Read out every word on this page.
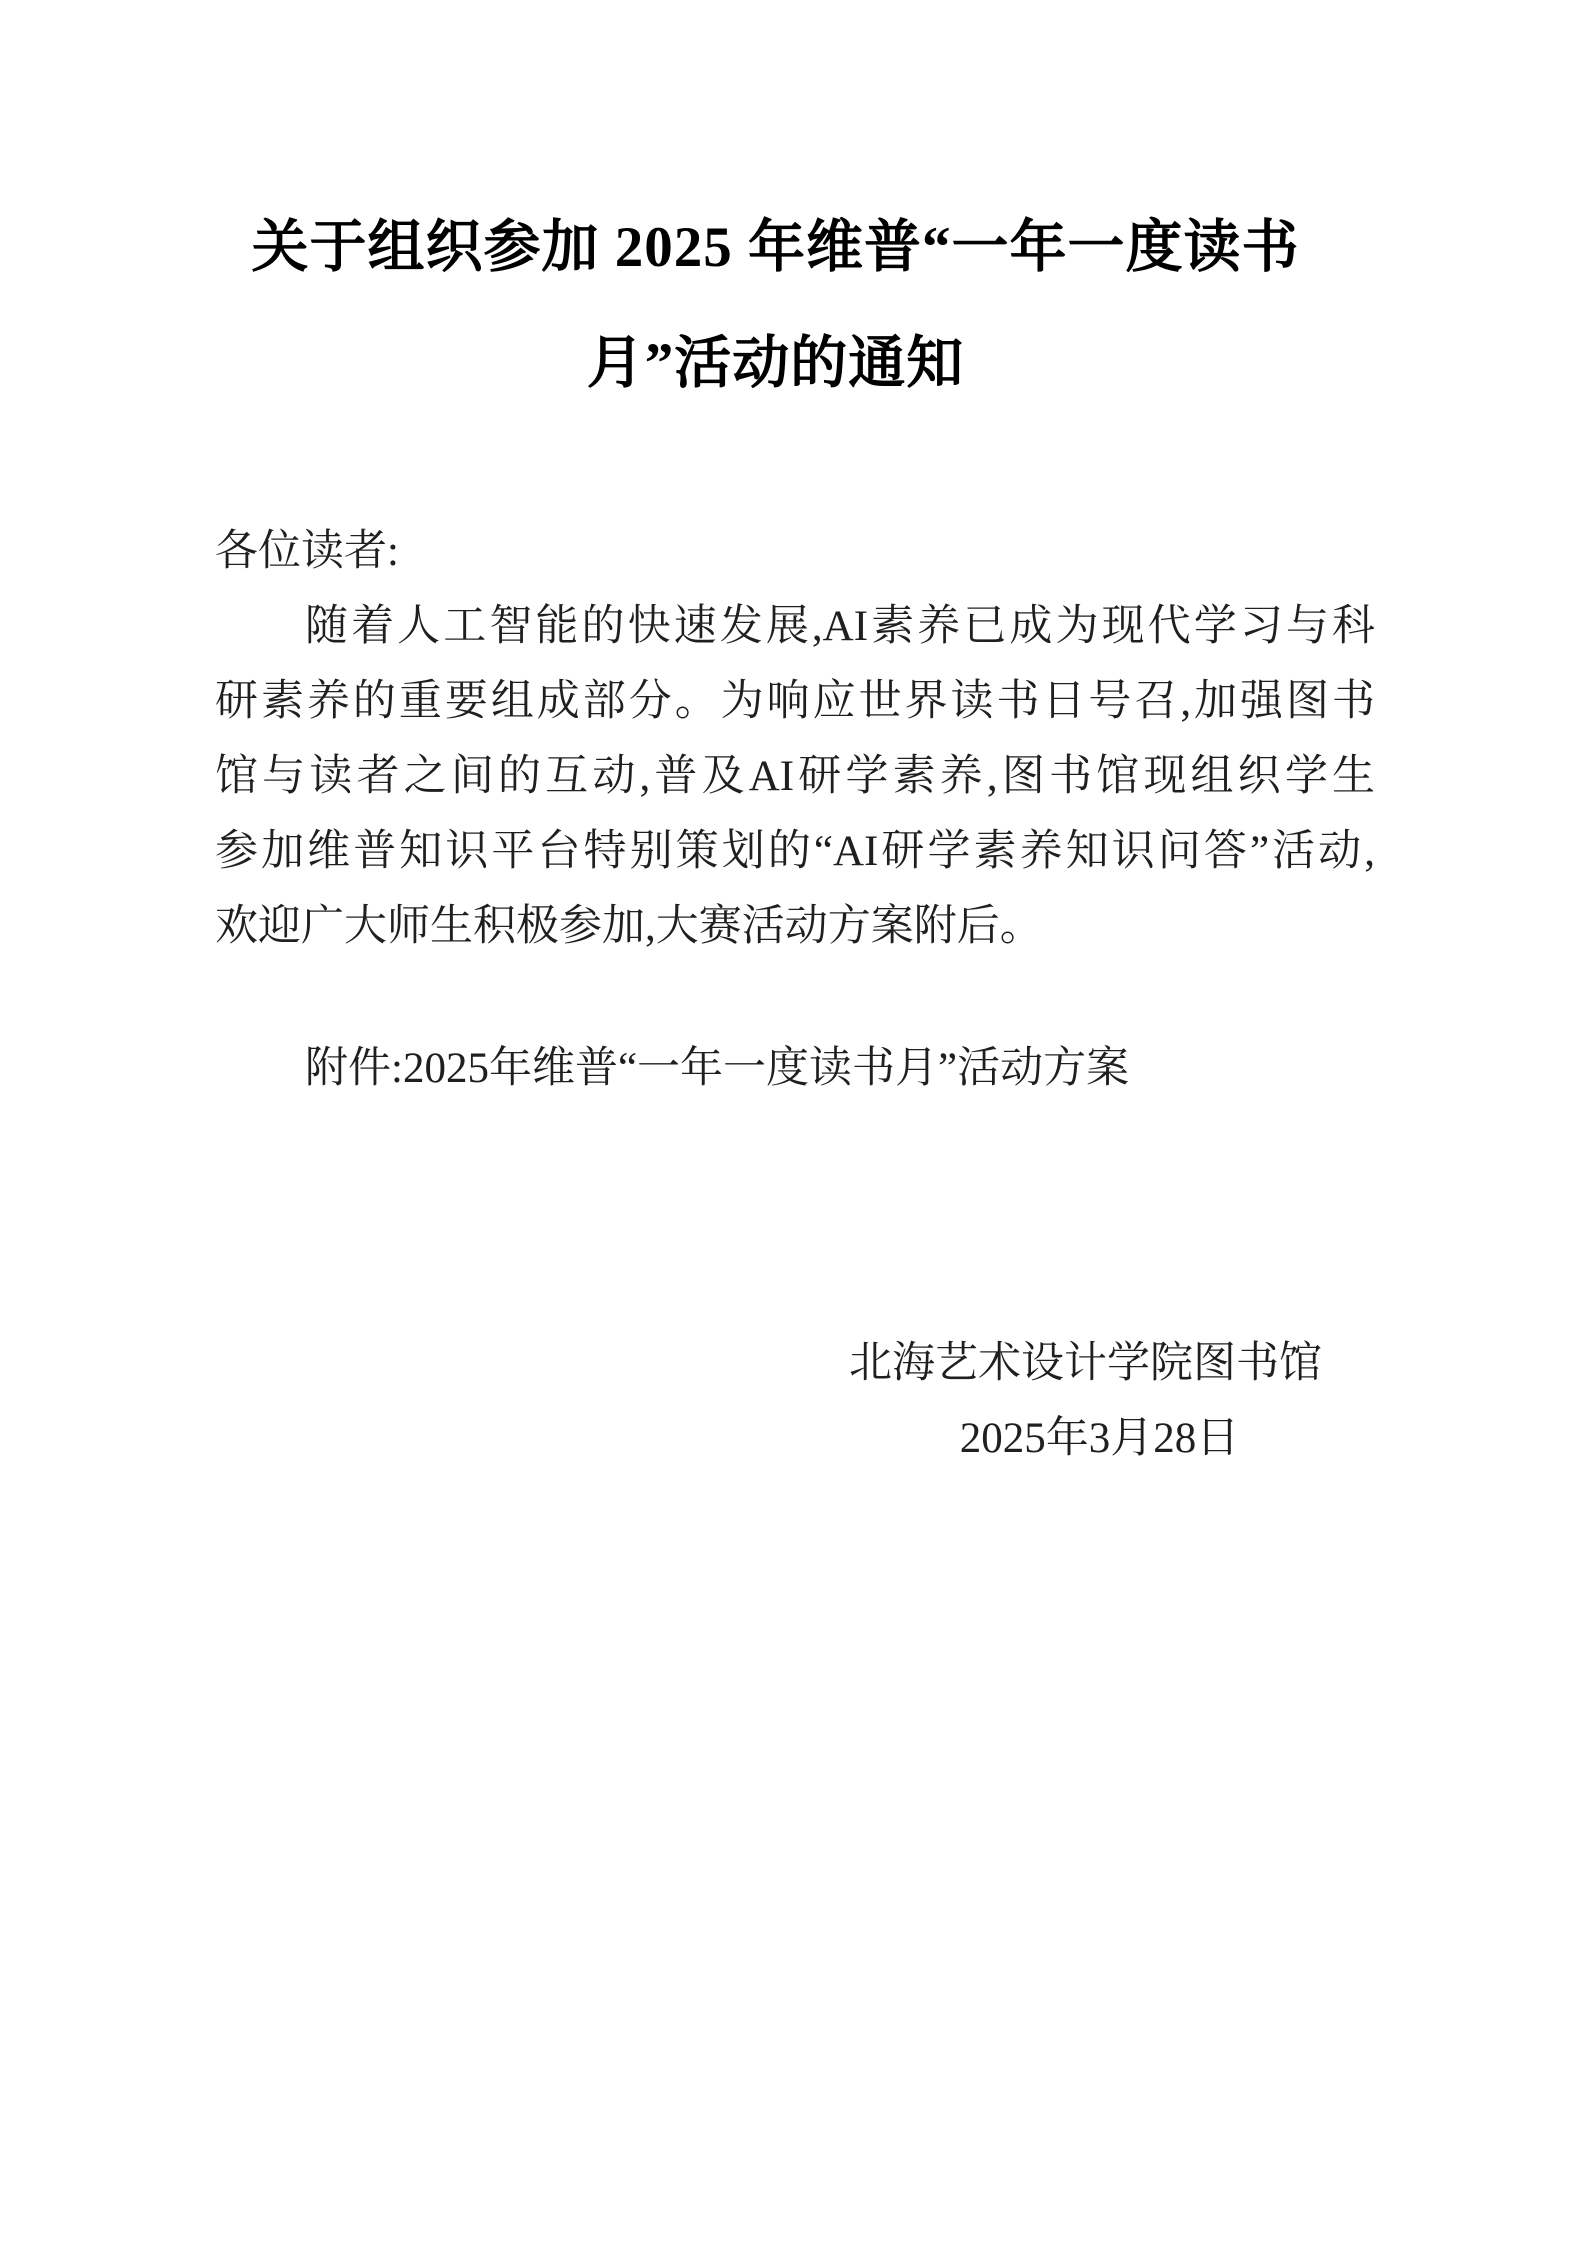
关于组织参加 2025 年维普“一年一度读书
月”活动的通知
各位读者:
随着人工智能的快速发展,AI素养已成为现代学习与科
研素养的重要组成部分。为响应世界读书日号召,加强图书
馆与读者之间的互动,普及AI研学素养,图书馆现组织学生
参加维普知识平台特别策划的“AI研学素养知识问答”活动,
欢迎广大师生积极参加,大赛活动方案附后。
附件:2025年维普“一年一度读书月”活动方案
北海艺术设计学院图书馆
2025年3月28日
